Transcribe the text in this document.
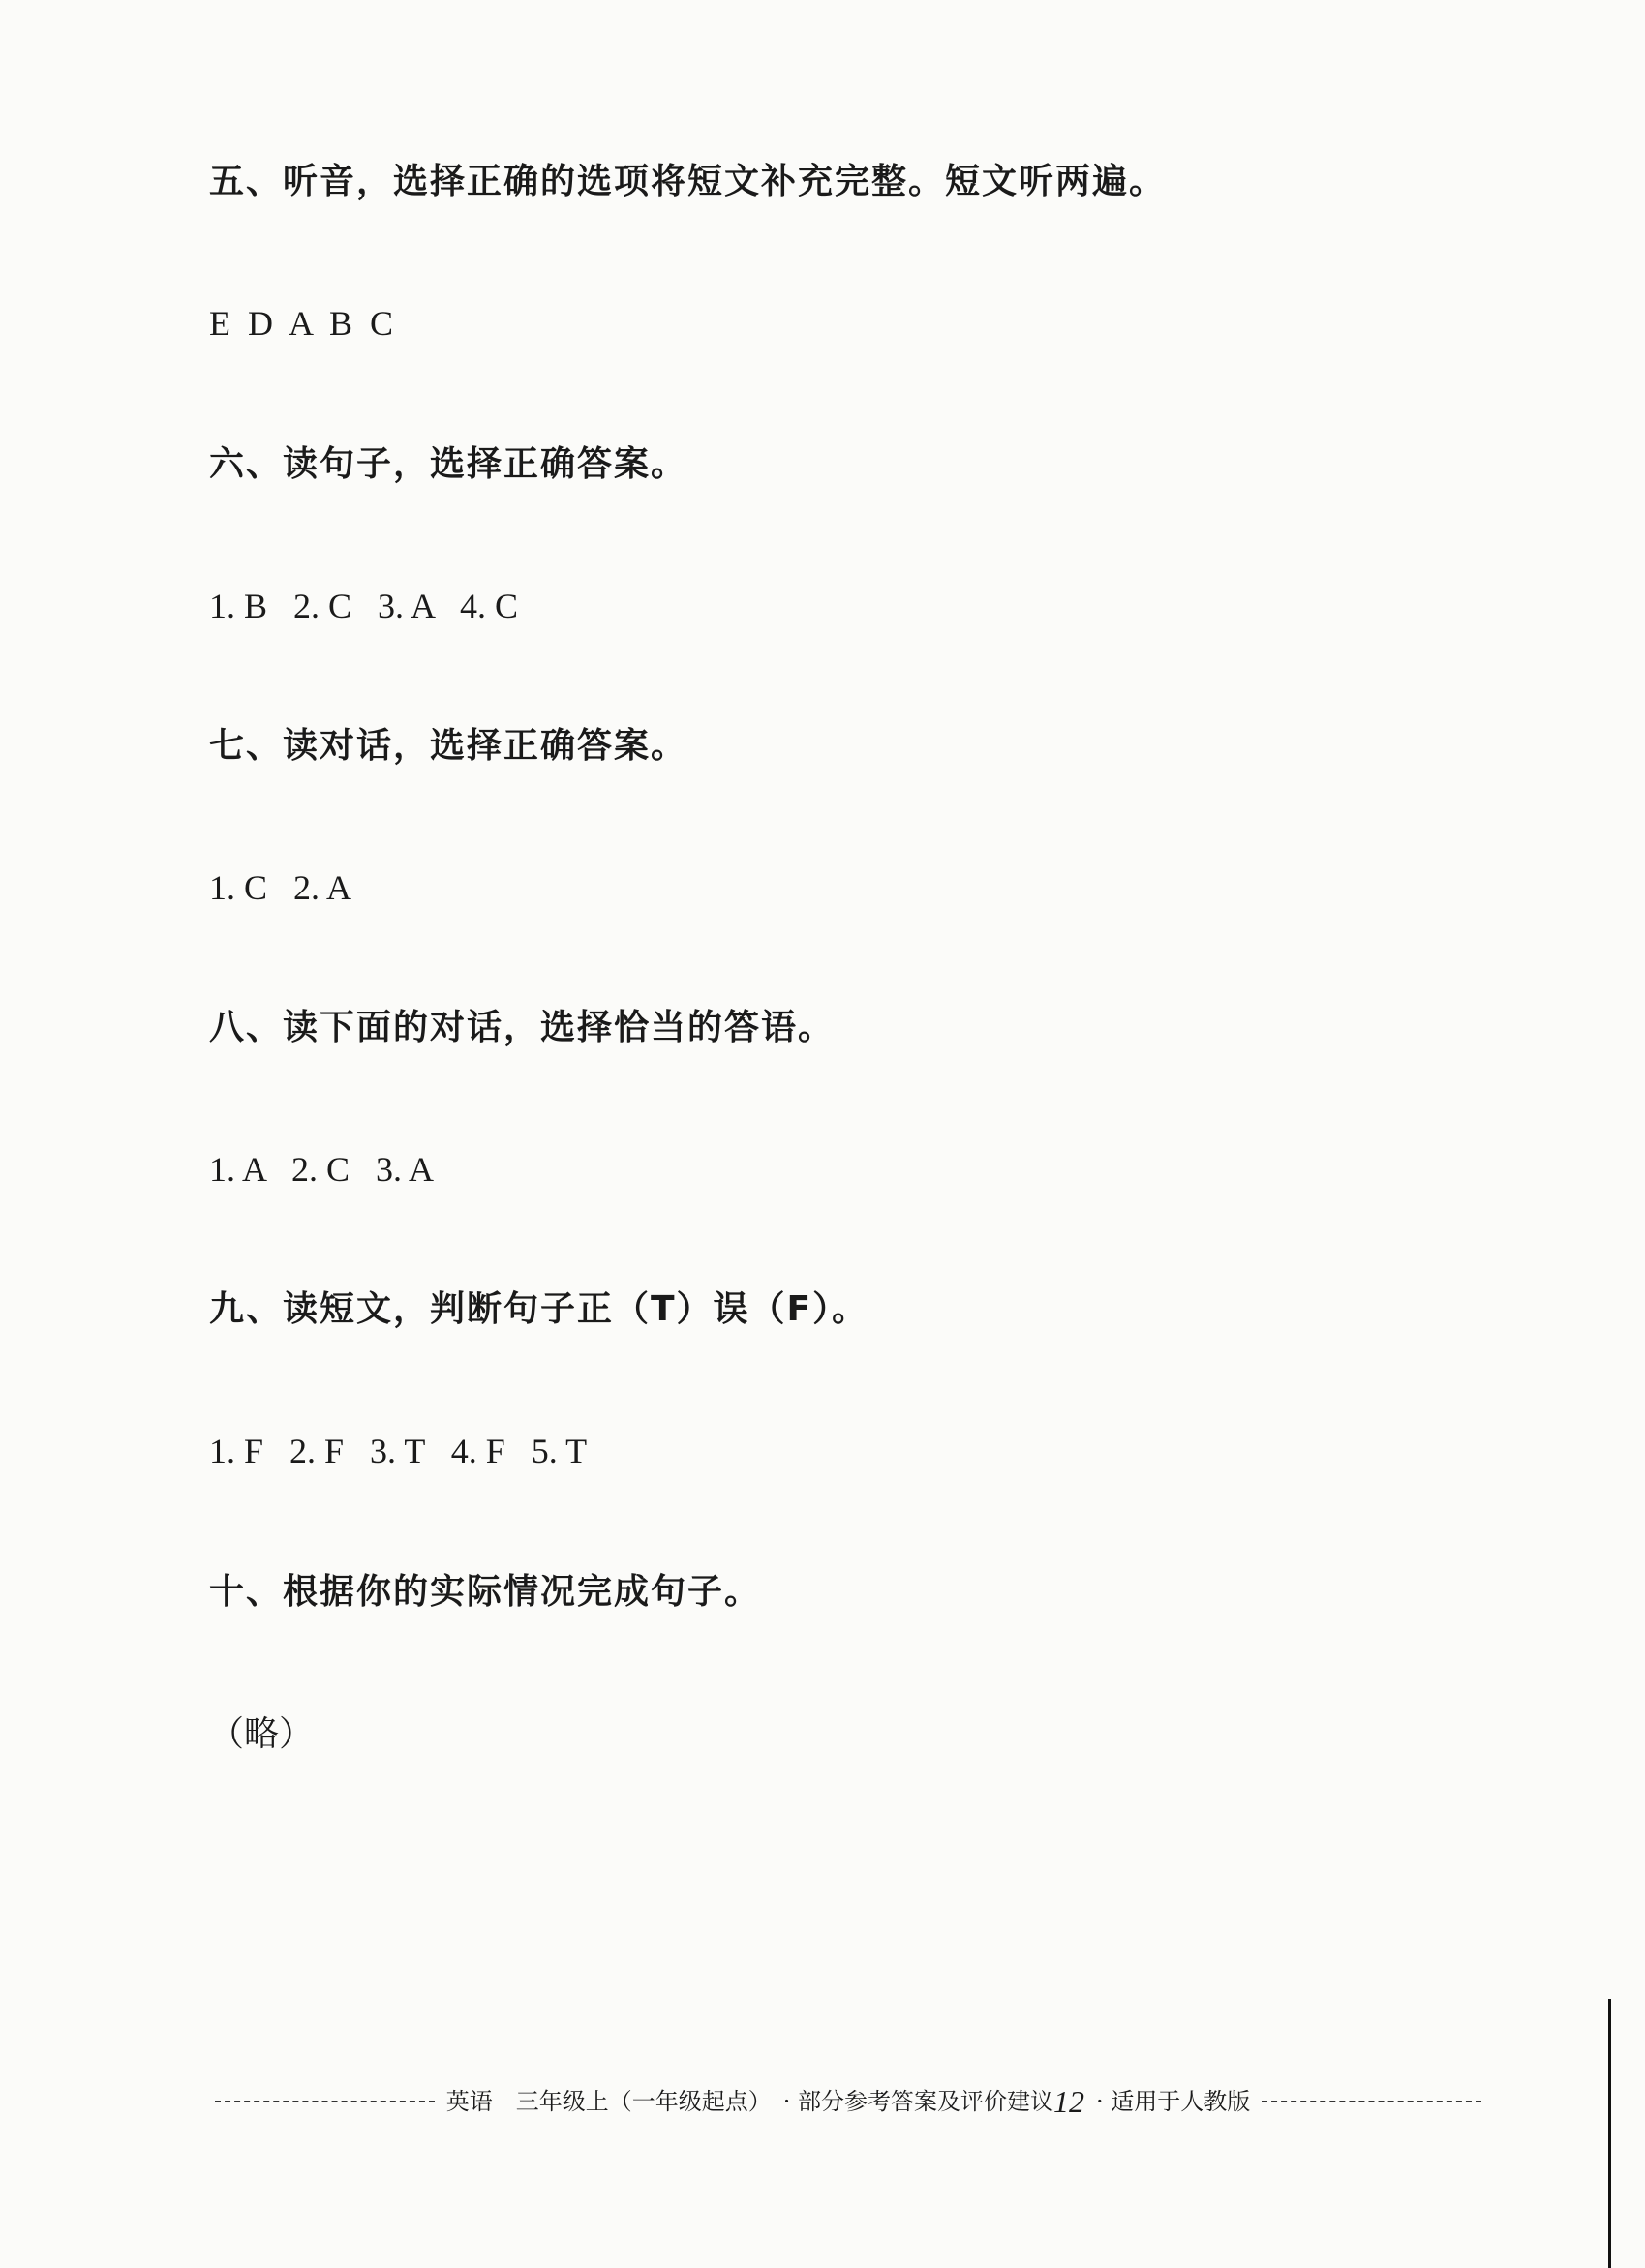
五、听音，选择正确的选项将短文补充完整。短文听两遍。
E  D  A  B  C
六、读句子，选择正确答案。
1. B   2. C   3. A   4. C
七、读对话，选择正确答案。
1. C   2. A
八、读下面的对话，选择恰当的答语。
1. A   2. C   3. A
九、读短文，判断句子正（T）误（F）。
1. F   2. F   3. T   4. F   5. T
十、根据你的实际情况完成句子。
（略）
英语	三年级上（一年级起点） · 部分参考答案及评价建议 12 · 适用于人教版
